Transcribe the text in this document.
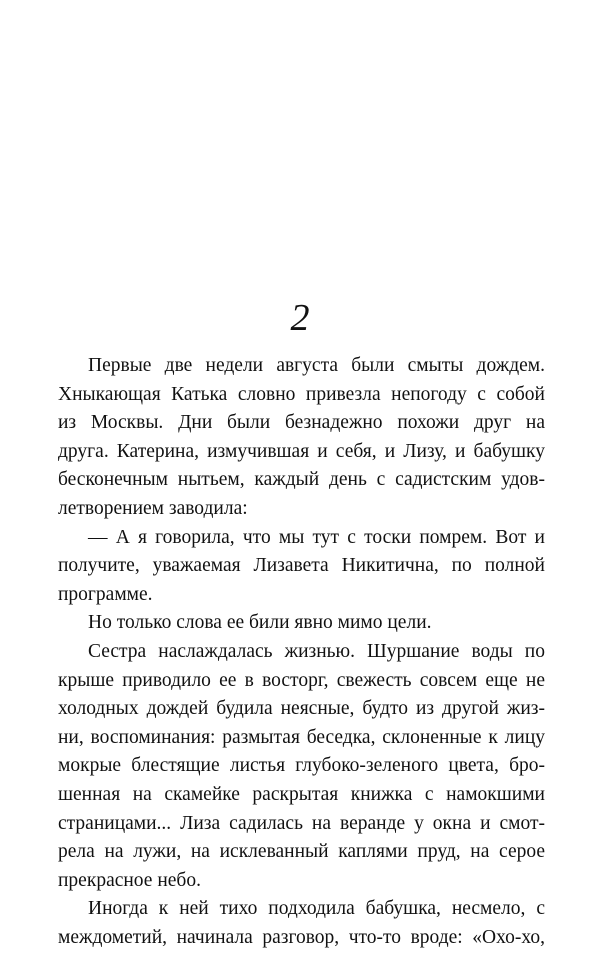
2
Первые две недели августа были смыты дождем.
Хныкающая Катька словно привезла непогоду с собой
из Москвы. Дни были безнадежно похожи друг на
друга. Катерина, измучившая и себя, и Лизу, и бабушку
бесконечным нытьем, каждый день с садистским удов-
летворением заводила:
— А я говорила, что мы тут с тоски помрем. Вот и
получите, уважаемая Лизавета Никитична, по полной
программе.
Но только слова ее били явно мимо цели.
Сестра наслаждалась жизнью. Шуршание воды по
крыше приводило ее в восторг, свежесть совсем еще не
холодных дождей будила неясные, будто из другой жиз-
ни, воспоминания: размытая беседка, склоненные к лицу
мокрые блестящие листья глубоко-зеленого цвета, бро-
шенная на скамейке раскрытая книжка с намокшими
страницами... Лиза садилась на веранде у окна и смот-
рела на лужи, на исклеванный каплями пруд, на серое
прекрасное небо.
Иногда к ней тихо подходила бабушка, несмело, с
междометий, начинала разговор, что-то вроде: «Охо-хо,
